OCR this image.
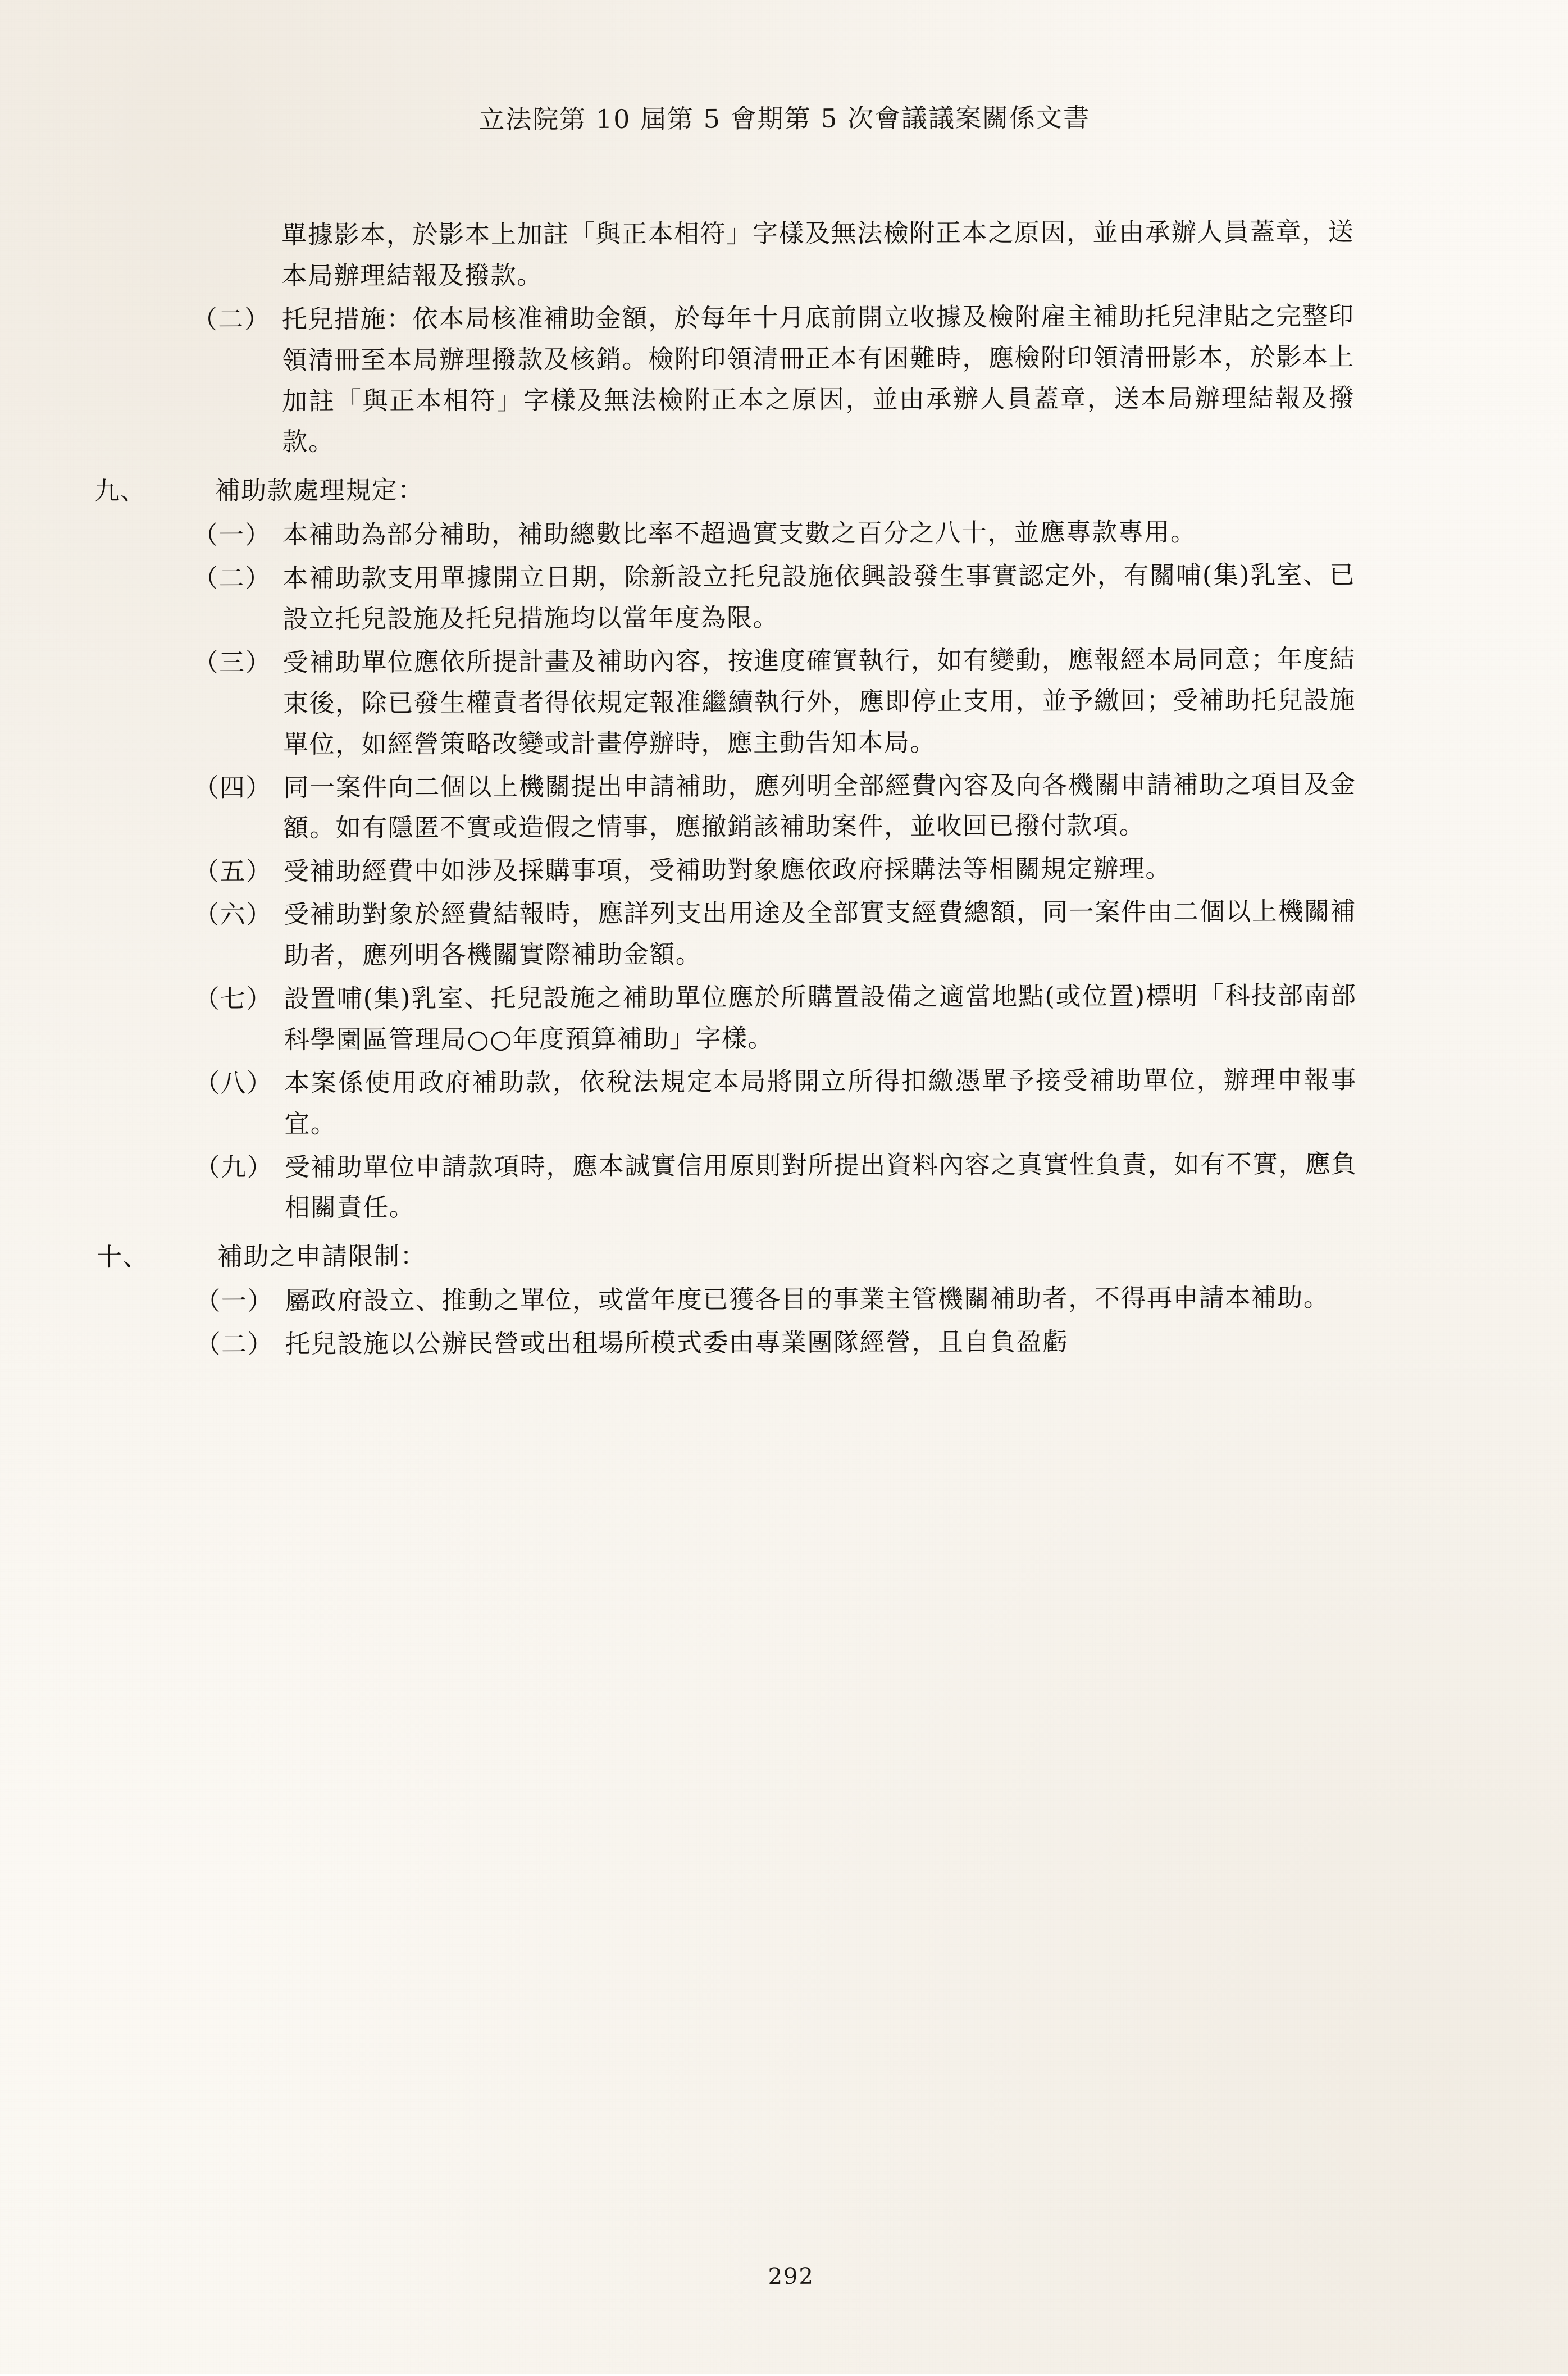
立法院第 10 屆第 5 會期第 5 次會議議案關係文書
單據影本，於影本上加註「與正本相符」字樣及無法檢附正本之原因，並由承辦人員蓋章，送本局辦理結報及撥款。
（二） 托兒措施：依本局核准補助金額，於每年十月底前開立收據及檢附雇主補助托兒津貼之完整印領清冊至本局辦理撥款及核銷。檢附印領清冊正本有困難時，應檢附印領清冊影本，於影本上加註「與正本相符」字樣及無法檢附正本之原因，並由承辦人員蓋章，送本局辦理結報及撥款。
九、	補助款處理規定：
（一） 本補助為部分補助，補助總數比率不超過實支數之百分之八十，並應專款專用。
（二） 本補助款支用單據開立日期，除新設立托兒設施依興設發生事實認定外，有關哺(集)乳室、已設立托兒設施及托兒措施均以當年度為限。
（三） 受補助單位應依所提計畫及補助內容，按進度確實執行，如有變動，應報經本局同意；年度結束後，除已發生權責者得依規定報准繼續執行外，應即停止支用，並予繳回；受補助托兒設施單位，如經營策略改變或計畫停辦時，應主動告知本局。
（四） 同一案件向二個以上機關提出申請補助，應列明全部經費內容及向各機關申請補助之項目及金額。如有隱匿不實或造假之情事，應撤銷該補助案件，並收回已撥付款項。
（五） 受補助經費中如涉及採購事項，受補助對象應依政府採購法等相關規定辦理。
（六） 受補助對象於經費結報時，應詳列支出用途及全部實支經費總額，同一案件由二個以上機關補助者，應列明各機關實際補助金額。
（七） 設置哺(集)乳室、托兒設施之補助單位應於所購置設備之適當地點(或位置)標明「科技部南部科學園區管理局○○年度預算補助」字樣。
（八） 本案係使用政府補助款，依稅法規定本局將開立所得扣繳憑單予接受補助單位，辦理申報事宜。
（九） 受補助單位申請款項時，應本誠實信用原則對所提出資料內容之真實性負責，如有不實，應負相關責任。
十、	補助之申請限制：
（一） 屬政府設立、推動之單位，或當年度已獲各目的事業主管機關補助者，不得再申請本補助。
（二） 托兒設施以公辦民營或出租場所模式委由專業團隊經營，且自負盈虧
292
